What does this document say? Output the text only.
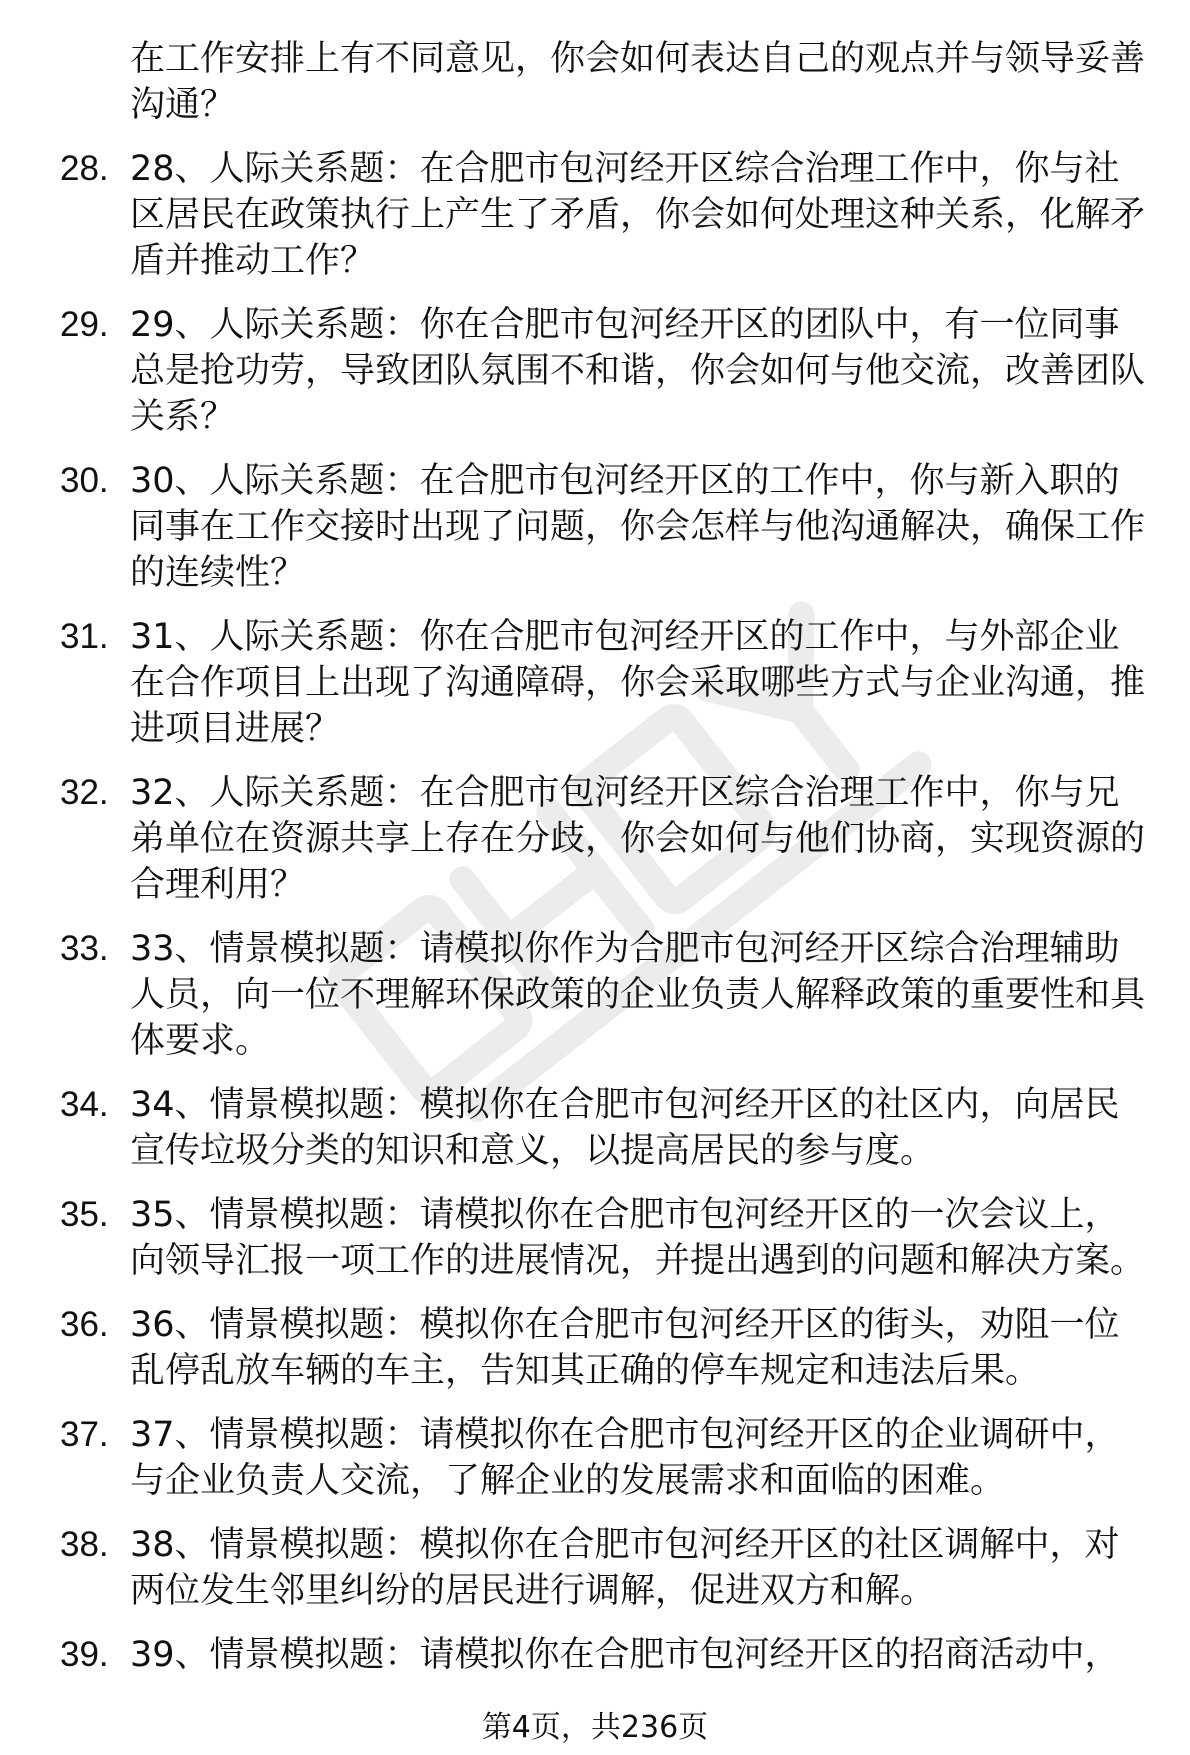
在工作安排上有不同意见，你会如何表达自己的观点并与领导妥善沟通？
28. 28、人际关系题：在合肥市包河经开区综合治理工作中，你与社区居民在政策执行上产生了矛盾，你会如何处理这种关系，化解矛盾并推动工作？
29. 29、人际关系题：你在合肥市包河经开区的团队中，有一位同事总是抢功劳，导致团队氛围不和谐，你会如何与他交流，改善团队关系？
30. 30、人际关系题：在合肥市包河经开区的工作中，你与新入职的同事在工作交接时出现了问题，你会怎样与他沟通解决，确保工作的连续性？
31. 31、人际关系题：你在合肥市包河经开区的工作中，与外部企业在合作项目上出现了沟通障碍，你会采取哪些方式与企业沟通，推进项目进展？
32. 32、人际关系题：在合肥市包河经开区综合治理工作中，你与兄弟单位在资源共享上存在分歧，你会如何与他们协商，实现资源的合理利用？
33. 33、情景模拟题：请模拟你作为合肥市包河经开区综合治理辅助人员，向一位不理解环保政策的企业负责人解释政策的重要性和具体要求。
34. 34、情景模拟题：模拟你在合肥市包河经开区的社区内，向居民宣传垃圾分类的知识和意义，以提高居民的参与度。
35. 35、情景模拟题：请模拟你在合肥市包河经开区的一次会议上，向领导汇报一项工作的进展情况，并提出遇到的问题和解决方案。
36. 36、情景模拟题：模拟你在合肥市包河经开区的街头，劝阻一位乱停乱放车辆的车主，告知其正确的停车规定和违法后果。
37. 37、情景模拟题：请模拟你在合肥市包河经开区的企业调研中，与企业负责人交流，了解企业的发展需求和面临的困难。
38. 38、情景模拟题：模拟你在合肥市包河经开区的社区调解中，对两位发生邻里纠纷的居民进行调解，促进双方和解。
39. 39、情景模拟题：请模拟你在合肥市包河经开区的招商活动中，
第4页，共236页
